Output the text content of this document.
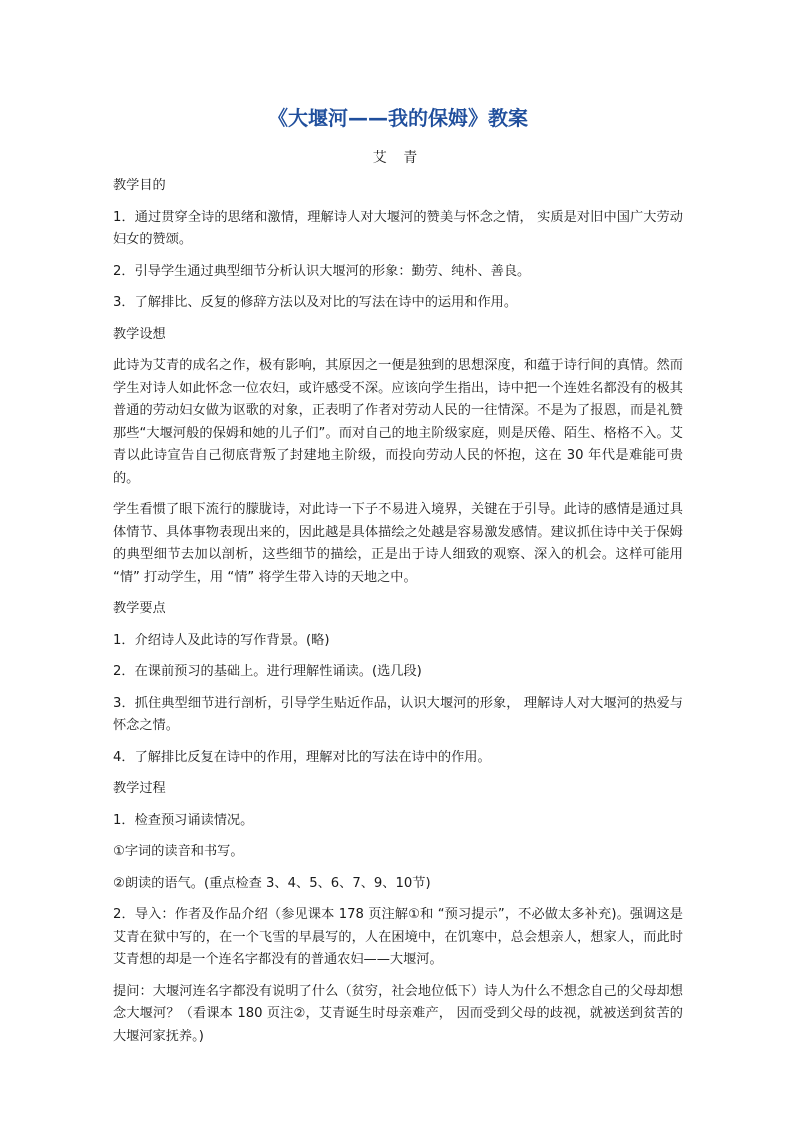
《大堰河——我的保姆》教案
艾 青

教学目的

1．通过贯穿全诗的思绪和激情，理解诗人对大堰河的赞美与怀念之情， 实质是对旧中国广大劳动妇女的赞颂。

2．引导学生通过典型细节分析认识大堰河的形象：勤劳、纯朴、善良。

3．了解排比、反复的修辞方法以及对比的写法在诗中的运用和作用。

教学设想

此诗为艾青的成名之作，极有影响，其原因之一便是独到的思想深度，和蕴于诗行间的真情。然而学生对诗人如此怀念一位农妇，或许感受不深。应该向学生指出，诗中把一个连姓名都没有的极其普通的劳动妇女做为讴歌的对象，正表明了作者对劳动人民的一往情深。不是为了报恩，而是礼赞那些“大堰河般的保姆和她的儿子们”。而对自己的地主阶级家庭，则是厌倦、陌生、格格不入。艾青以此诗宣告自己彻底背叛了封建地主阶级，而投向劳动人民的怀抱，这在 30 年代是难能可贵的。

学生看惯了眼下流行的朦胧诗，对此诗一下子不易进入境界，关键在于引导。此诗的感情是通过具体情节、具体事物表现出来的，因此越是具体描绘之处越是容易激发感情。建议抓住诗中关于保姆的典型细节去加以剖析，这些细节的描绘，正是出于诗人细致的观察、深入的机会。这样可能用 “情” 打动学生，用 “情” 将学生带入诗的天地之中。

教学要点

1．介绍诗人及此诗的写作背景。(略)

2．在课前预习的基础上。进行理解性诵读。(选几段)

3．抓住典型细节进行剖析，引导学生贴近作品，认识大堰河的形象， 理解诗人对大堰河的热爱与怀念之情。

4．了解排比反复在诗中的作用，理解对比的写法在诗中的作用。

教学过程

1．检查预习诵读情况。

①字词的读音和书写。

②朗读的语气。(重点检查 3、4、5、6、7、9、10节)

2．导入：作者及作品介绍（参见课本 178 页注解①和 “预习提示”，不必做太多补充)。强调这是艾青在狱中写的，在一个飞雪的早晨写的，人在困境中，在饥寒中，总会想亲人，想家人，而此时艾青想的却是一个连名字都没有的普通农妇——大堰河。

提问：大堰河连名字都没有说明了什么（贫穷，社会地位低下）诗人为什么不想念自己的父母却想念大堰河？（看课本 180 页注②，艾青诞生时母亲难产， 因而受到父母的歧视，就被送到贫苦的大堰河家抚养。)
